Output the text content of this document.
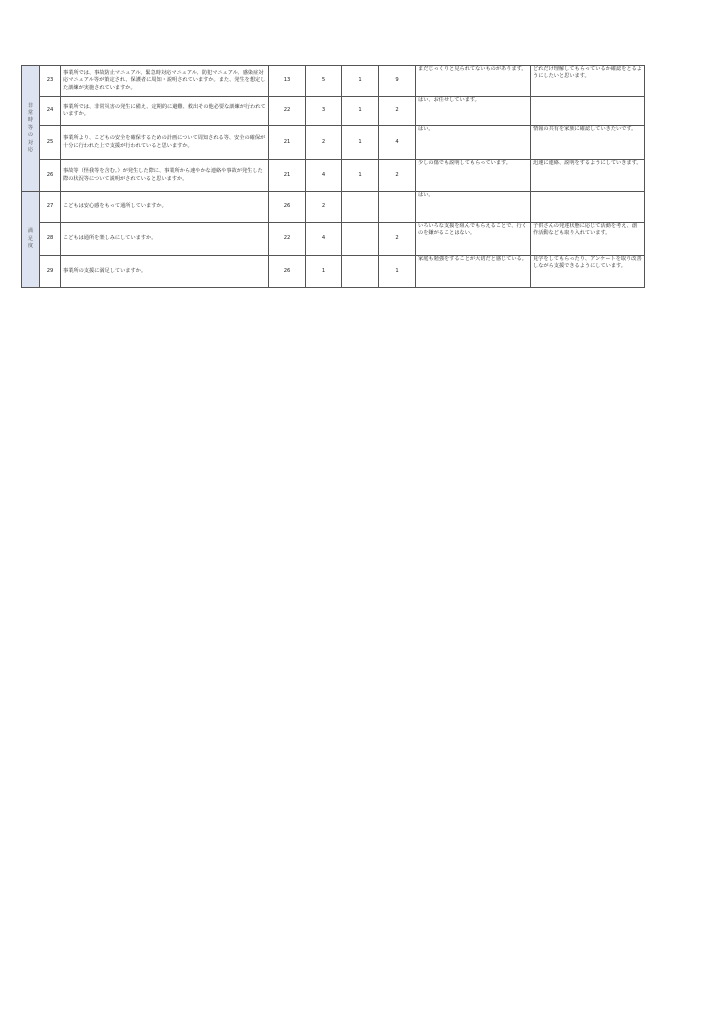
非常時等の対応	23	事業所では、事故防止マニュアル、緊急時対応マニュアル、防犯マニュアル、感染症対応マニュアル等が策定され、保護者に周知・説明されていますか。また、発生を想定した訓練が実施されていますか。	13	5	1	9	まだじっくりと見られてないものがあります。	どれだけ理解してもらっているか確認をとるようにしたいと思います。
	24	事業所では、非常災害の発生に備え、定期的に避難、救出その他必要な訓練が行われていますか。	22	3	1	2	はい、お任せしています。	
	25	事業所より、こどもの安全を確保するための計画について周知される等、安全の確保が十分に行われた上で支援が行われていると思いますか。	21	2	1	4	はい。	情報の共有を家族に確認していきたいです。
	26	事故等（怪我等を含む。）が発生した際に、事業所から速やかな連絡や事故が発生した際の状況等について説明がされていると思いますか。	21	4	1	2	少しの傷でも説明してもらっています。	迅速に連絡、説明をするようにしていきます。
満足度	27	こどもは安心感をもって通所していますか。	26	2			はい。	
	28	こどもは通所を楽しみにしていますか。	22	4		2	いろいろな支援を組んでもらえることで、行くのを嫌がることはない。	子供さんの発達状態に応じて活動を考え、創作活動なども取り入れています。
	29	事業所の支援に満足していますか。	26	1		1	家庭も勉強をすることが大切だと感じている。	見学をしてもらったり、アンケートを取り改善しながら支援できるようにしています。
